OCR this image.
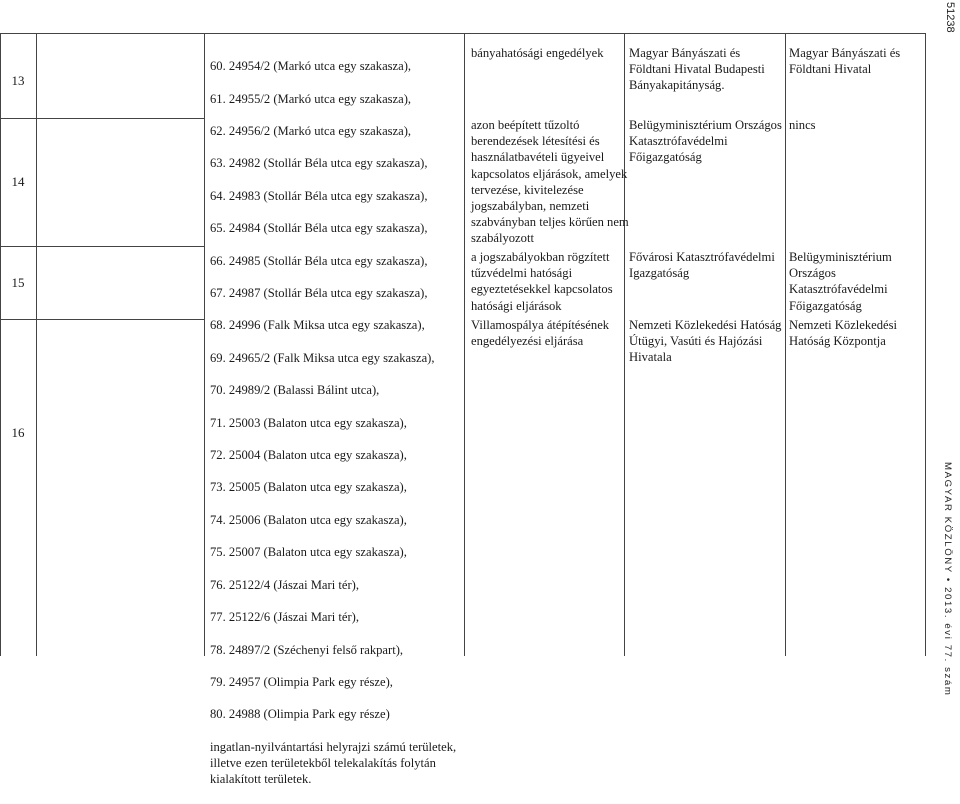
13
14
15
16

60. 24954/2 (Markó utca egy szakasza),

61. 24955/2 (Markó utca egy szakasza),

62. 24956/2 (Markó utca egy szakasza),

63. 24982 (Stollár Béla utca egy szakasza),

64. 24983 (Stollár Béla utca egy szakasza),

65. 24984 (Stollár Béla utca egy szakasza),

66. 24985 (Stollár Béla utca egy szakasza),

67. 24987 (Stollár Béla utca egy szakasza),

68. 24996 (Falk Miksa utca egy szakasza),

69. 24965/2 (Falk Miksa utca egy szakasza),

70. 24989/2 (Balassi Bálint utca),

71. 25003 (Balaton utca egy szakasza),

72. 25004 (Balaton utca egy szakasza),

73. 25005 (Balaton utca egy szakasza),

74. 25006 (Balaton utca egy szakasza),

75. 25007 (Balaton utca egy szakasza),

76. 25122/4 (Jászai Mari tér),

77. 25122/6 (Jászai Mari tér),

78. 24897/2 (Széchenyi felső rakpart),

79. 24957 (Olimpia Park egy része),

80. 24988 (Olimpia Park egy része)

ingatlan-nyilvántartási helyrajzi számú területek, illetve ezen területekből telekalakítás folytán kialakított területek.

bányahatósági engedélyek	Magyar Bányászati és Földtani Hivatal Budapesti Bányakapitányság.
Magyar Bányászati és Földtani Hivatal
azon beépített tűzoltó berendezések létesítési és használatbavételi ügyeivel kapcsolatos eljárások, amelyek tervezése, kivitelezése jogszabályban, nemzeti szabványban teljes körűen nem szabályozott
Belügyminisztérium Országos Katasztrófavédelmi Főigazgatóság
nincs
a jogszabályokban rögzített tűzvédelmi hatósági egyeztetésekkel kapcsolatos hatósági eljárások
Fővárosi Katasztrófavédelmi Igazgatóság
Belügyminisztérium Országos Katasztrófavédelmi Főigazgatóság
Villamospálya átépítésének engedélyezési eljárása
Nemzeti Közlekedési Hatóság Útügyi, Vasúti és Hajózási Hivatala
Nemzeti Közlekedési Hatóság Központja
51238
MAGYAR KÖZLÖNY • 2013. évi 77. szám
